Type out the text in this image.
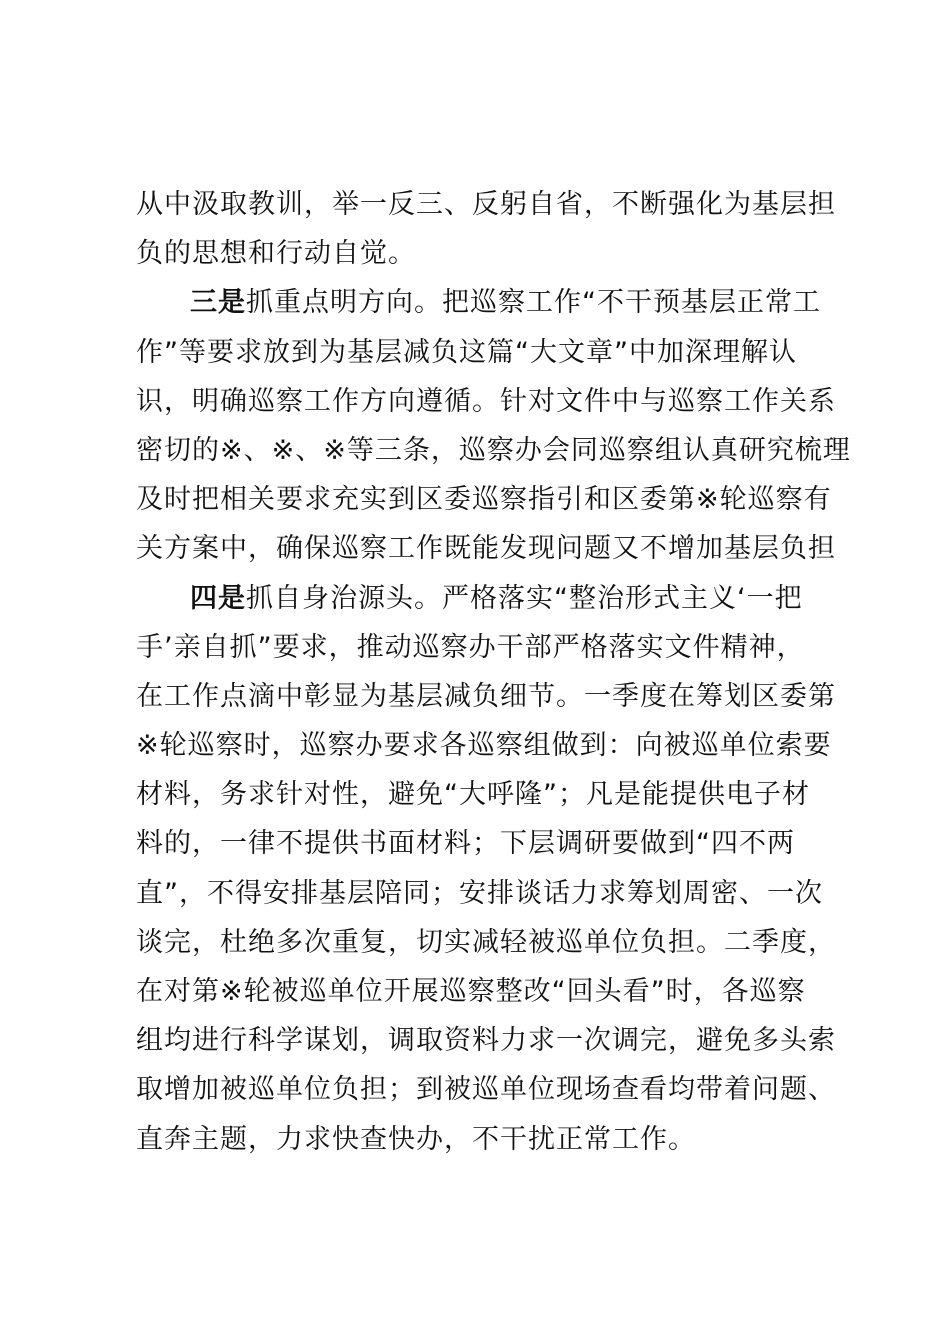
从中汲取教训，举一反三、反躬自省，不断强化为基层担
负的思想和行动自觉。
三是抓重点明方向。把巡察工作“不干预基层正常工
作”等要求放到为基层减负这篇“大文章”中加深理解认
识，明确巡察工作方向遵循。针对文件中与巡察工作关系
密切的※、※、※等三条，巡察办会同巡察组认真研究梳理
及时把相关要求充实到区委巡察指引和区委第※轮巡察有
关方案中，确保巡察工作既能发现问题又不增加基层负担
四是抓自身治源头。严格落实“整治形式主义‘一把
手’亲自抓”要求，推动巡察办干部严格落实文件精神，
在工作点滴中彰显为基层减负细节。一季度在筹划区委第
※轮巡察时，巡察办要求各巡察组做到：向被巡单位索要
材料，务求针对性，避免“大呼隆”；凡是能提供电子材
料的，一律不提供书面材料；下层调研要做到“四不两
直”，不得安排基层陪同；安排谈话力求筹划周密、一次
谈完，杜绝多次重复，切实减轻被巡单位负担。二季度，
在对第※轮被巡单位开展巡察整改“回头看”时，各巡察
组均进行科学谋划，调取资料力求一次调完，避免多头索
取增加被巡单位负担；到被巡单位现场查看均带着问题、
直奔主题，力求快查快办，不干扰正常工作。
